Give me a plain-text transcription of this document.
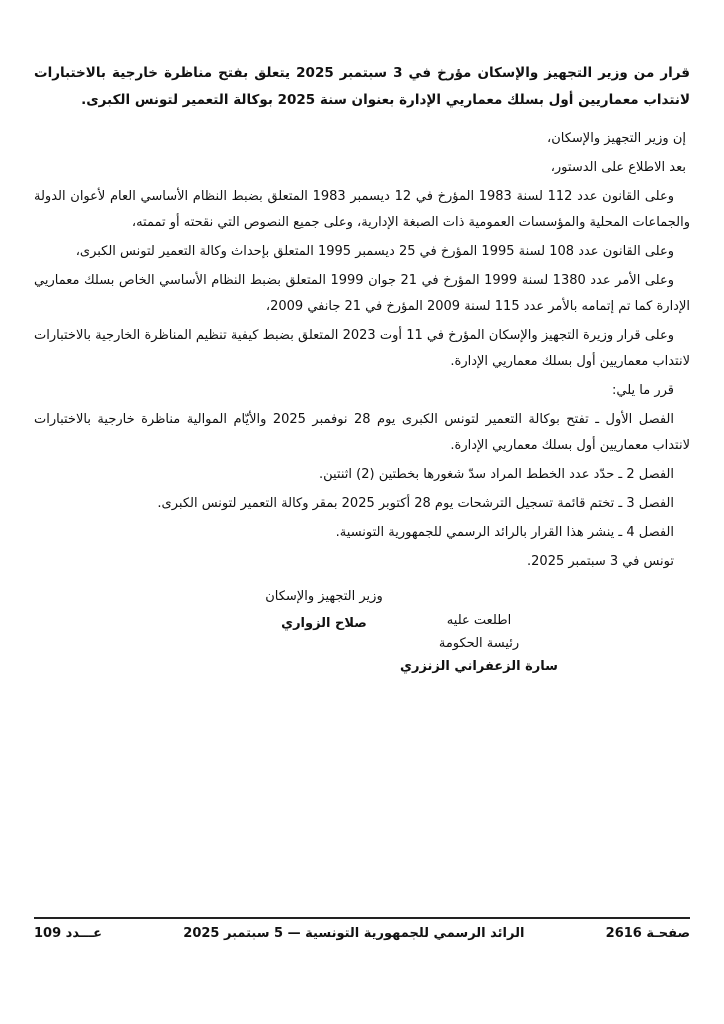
قرار من وزير التجهيز والإسكان مؤرخ في 3 سبتمبر 2025 يتعلق بفتح مناظرة خارجية بالاختبارات لانتداب معماريين أول بسلك معماريي الإدارة بعنوان سنة 2025 بوكالة التعمير لتونس الكبرى.

إن وزير التجهيز والإسكان،

بعد الاطلاع على الدستور،

وعلى القانون عدد 112 لسنة 1983 المؤرخ في 12 ديسمبر 1983 المتعلق بضبط النظام الأساسي العام لأعوان الدولة والجماعات المحلية والمؤسسات العمومية ذات الصبغة الإدارية، وعلى جميع النصوص التي نقحته أو تممته،

وعلى القانون عدد 108 لسنة 1995 المؤرخ في 25 ديسمبر 1995 المتعلق بإحداث وكالة التعمير لتونس الكبرى،

وعلى الأمر عدد 1380 لسنة 1999 المؤرخ في 21 جوان 1999 المتعلق بضبط النظام الأساسي الخاص بسلك معماريي الإدارة كما تم إتمامه بالأمر عدد 115 لسنة 2009 المؤرخ في 21 جانفي 2009،

وعلى قرار وزيرة التجهيز والإسكان المؤرخ في 11 أوت 2023 المتعلق بضبط كيفية تنظيم المناظرة الخارجية بالاختبارات لانتداب معماريين أول بسلك معماريي الإدارة.

قرر ما يلي:

الفصل الأول ـ تفتح بوكالة التعمير لتونس الكبرى يوم 28 نوفمبر 2025 والأيّام الموالية مناظرة خارجية بالاختبارات لانتداب معماريين أول بسلك معماريي الإدارة.

الفصل 2 ـ حدّد عدد الخطط المراد سدّ شغورها بخطتين (2) اثنتين.

الفصل 3 ـ تختم قائمة تسجيل الترشحات يوم 28 أكتوبر 2025 بمقر وكالة التعمير لتونس الكبرى.

الفصل 4 ـ ينشر هذا القرار بالرائد الرسمي للجمهورية التونسية.

تونس في 3 سبتمبر 2025.

وزير التجهيز والإسكان
صلاح الزواري	اطلعت عليه
رئيسة الحكومة
سارة الزعفراني الزنزري
صفحـة 2616
الرائد الرسمي للجمهورية التونسية — 5 سبتمبر 2025
عـــدد 109
